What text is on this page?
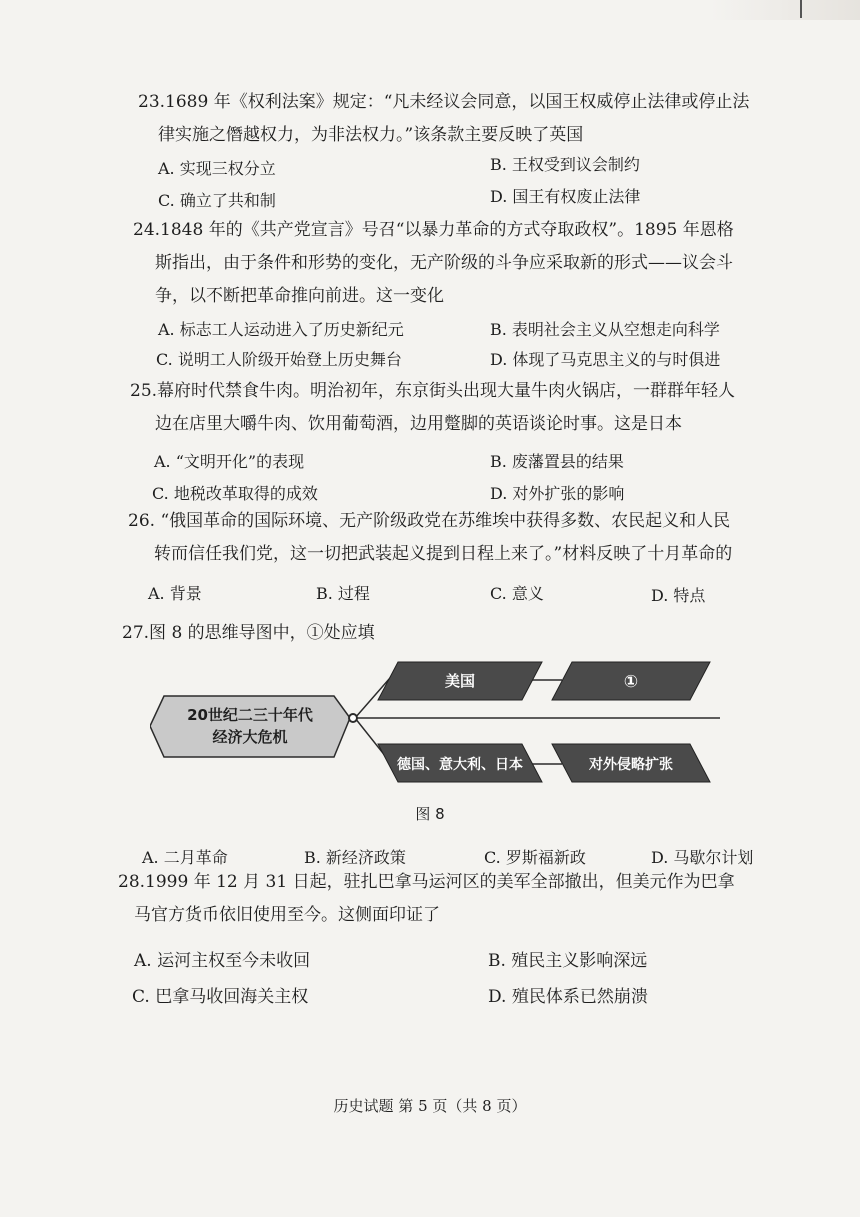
23.1689 年《权利法案》规定：“凡未经议会同意，以国王权威停止法律或停止法
律实施之僭越权力，为非法权力。”该条款主要反映了英国

A. 实现三权分立	B. 王权受到议会制约
C. 确立了共和制	D. 国王有权废止法律

24.1848 年的《共产党宣言》号召“以暴力革命的方式夺取政权”。1895 年恩格
斯指出，由于条件和形势的变化，无产阶级的斗争应采取新的形式——议会斗
争，以不断把革命推向前进。这一变化

A. 标志工人运动进入了历史新纪元	B. 表明社会主义从空想走向科学
C. 说明工人阶级开始登上历史舞台	D. 体现了马克思主义的与时俱进

25.幕府时代禁食牛肉。明治初年，东京街头出现大量牛肉火锅店，一群群年轻人
边在店里大嚼牛肉、饮用葡萄酒，边用蹩脚的英语谈论时事。这是日本

A. “文明开化”的表现	B. 废藩置县的结果
C. 地税改革取得的成效	D. 对外扩张的影响

26. “俄国革命的国际环境、无产阶级政党在苏维埃中获得多数、农民起义和人民
转而信任我们党，这一切把武装起义提到日程上来了。”材料反映了十月革命的

A. 背景	B. 过程	C. 意义	D. 特点

27.图 8 的思维导图中，①处应填

20世纪二三十年代
经济大危机
美国	①
德国、意大利、日本	对外侵略扩张
图 8
A. 二月革命	B. 新经济政策	C. 罗斯福新政	D. 马歇尔计划

28.1999 年 12 月 31 日起，驻扎巴拿马运河区的美军全部撤出，但美元作为巴拿
马官方货币依旧使用至今。这侧面印证了

A. 运河主权至今未收回	B. 殖民主义影响深远
C. 巴拿马收回海关主权	D. 殖民体系已然崩溃
历史试题 第 5 页（共 8 页）
